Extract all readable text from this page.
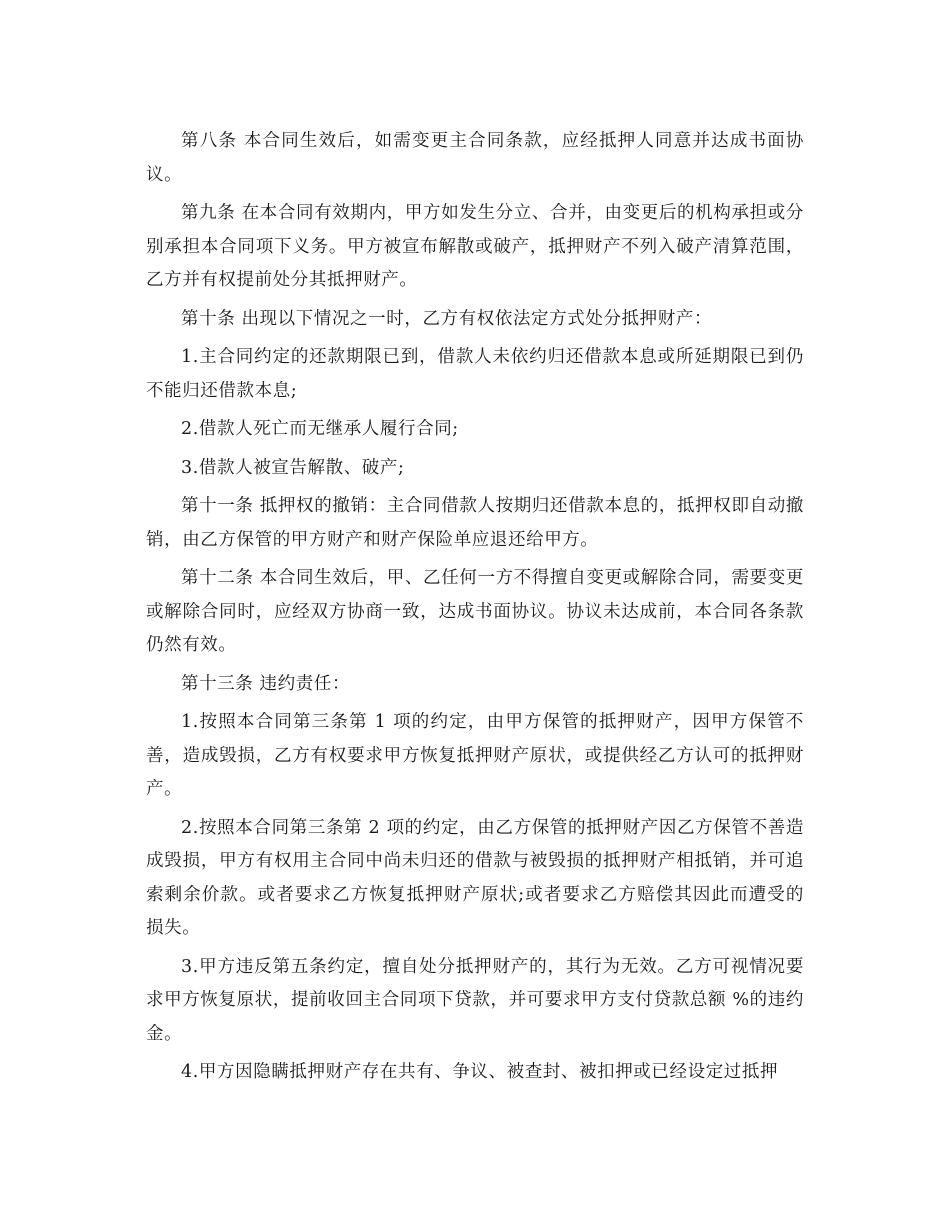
第八条 本合同生效后，如需变更主合同条款，应经抵押人同意并达成书面协议。

第九条 在本合同有效期内，甲方如发生分立、合并，由变更后的机构承担或分别承担本合同项下义务。甲方被宣布解散或破产，抵押财产不列入破产清算范围，乙方并有权提前处分其抵押财产。

第十条 出现以下情况之一时，乙方有权依法定方式处分抵押财产：

1.主合同约定的还款期限已到，借款人未依约归还借款本息或所延期限已到仍不能归还借款本息;

2.借款人死亡而无继承人履行合同;

3.借款人被宣告解散、破产;

第十一条 抵押权的撤销：主合同借款人按期归还借款本息的，抵押权即自动撤销，由乙方保管的甲方财产和财产保险单应退还给甲方。

第十二条 本合同生效后，甲、乙任何一方不得擅自变更或解除合同，需要变更或解除合同时，应经双方协商一致，达成书面协议。协议未达成前，本合同各条款仍然有效。

第十三条 违约责任：

1.按照本合同第三条第 1 项的约定，由甲方保管的抵押财产，因甲方保管不善，造成毁损，乙方有权要求甲方恢复抵押财产原状，或提供经乙方认可的抵押财产。

2.按照本合同第三条第 2 项的约定，由乙方保管的抵押财产因乙方保管不善造成毁损，甲方有权用主合同中尚未归还的借款与被毁损的抵押财产相抵销，并可追索剩余价款。或者要求乙方恢复抵押财产原状;或者要求乙方赔偿其因此而遭受的损失。

3.甲方违反第五条约定，擅自处分抵押财产的，其行为无效。乙方可视情况要求甲方恢复原状，提前收回主合同项下贷款，并可要求甲方支付贷款总额 %的违约金。

4.甲方因隐瞒抵押财产存在共有、争议、被查封、被扣押或已经设定过抵押
